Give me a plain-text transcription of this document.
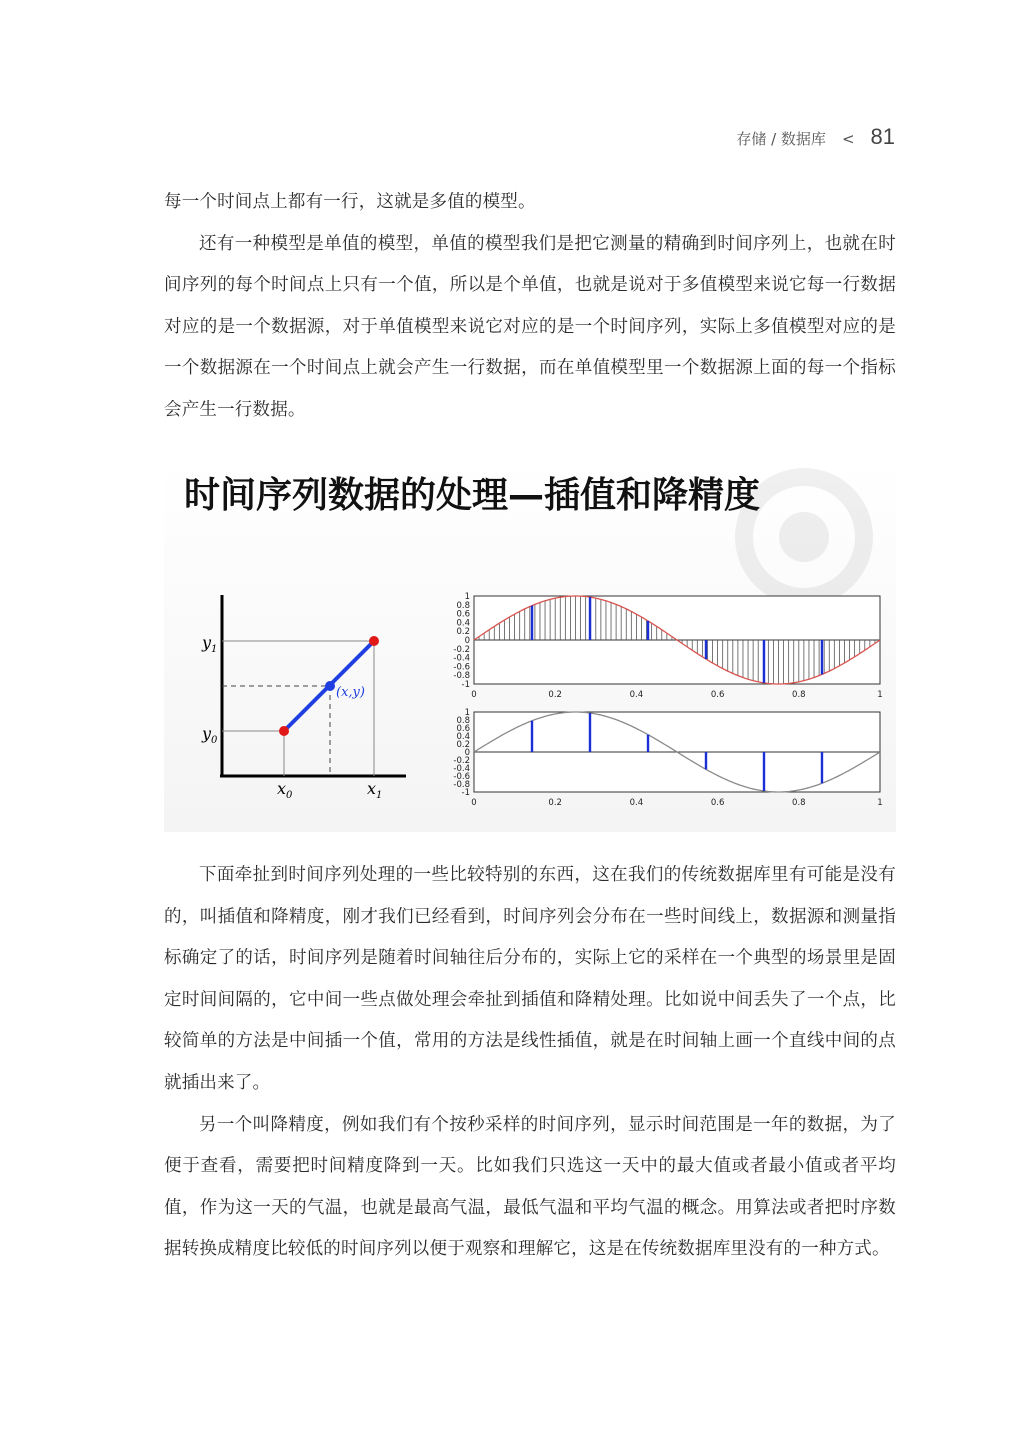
存储 / 数据库 < 81

每一个时间点上都有一行，这就是多值的模型。

还有一种模型是单值的模型，单值的模型我们是把它测量的精确到时间序列上，也就在时间序列的每个时间点上只有一个值，所以是个单值，也就是说对于多值模型来说它每一行数据对应的是一个数据源，对于单值模型来说它对应的是一个时间序列，实际上多值模型对应的是一个数据源在一个时间点上就会产生一行数据，而在单值模型里一个数据源上面的每一个指标会产生一行数据。

时间序列数据的处理—插值和降精度
(x,y)
$y_1$
$y_0$
$x_0$	$x_1$
1
0.8
0.6
0.4
0.2
0
-0.2
-0.4
-0.6
-0.8
-1
0	0.2	0.4	0.6	0.8	1
1
0.8
0.6
0.4
0.2
0
-0.2
-0.4
-0.6
-0.8
-1
0	0.2	0.4	0.6	0.8	1

下面牵扯到时间序列处理的一些比较特别的东西，这在我们的传统数据库里有可能是没有的，叫插值和降精度，刚才我们已经看到，时间序列会分布在一些时间线上，数据源和测量指标确定了的话，时间序列是随着时间轴往后分布的，实际上它的采样在一个典型的场景里是固定时间间隔的，它中间一些点做处理会牵扯到插值和降精处理。比如说中间丢失了一个点，比较简单的方法是中间插一个值，常用的方法是线性插值，就是在时间轴上画一个直线中间的点就插出来了。

另一个叫降精度，例如我们有个按秒采样的时间序列，显示时间范围是一年的数据，为了便于查看，需要把时间精度降到一天。比如我们只选这一天中的最大值或者最小值或者平均值，作为这一天的气温，也就是最高气温，最低气温和平均气温的概念。用算法或者把时序数据转换成精度比较低的时间序列以便于观察和理解它，这是在传统数据库里没有的一种方式。
